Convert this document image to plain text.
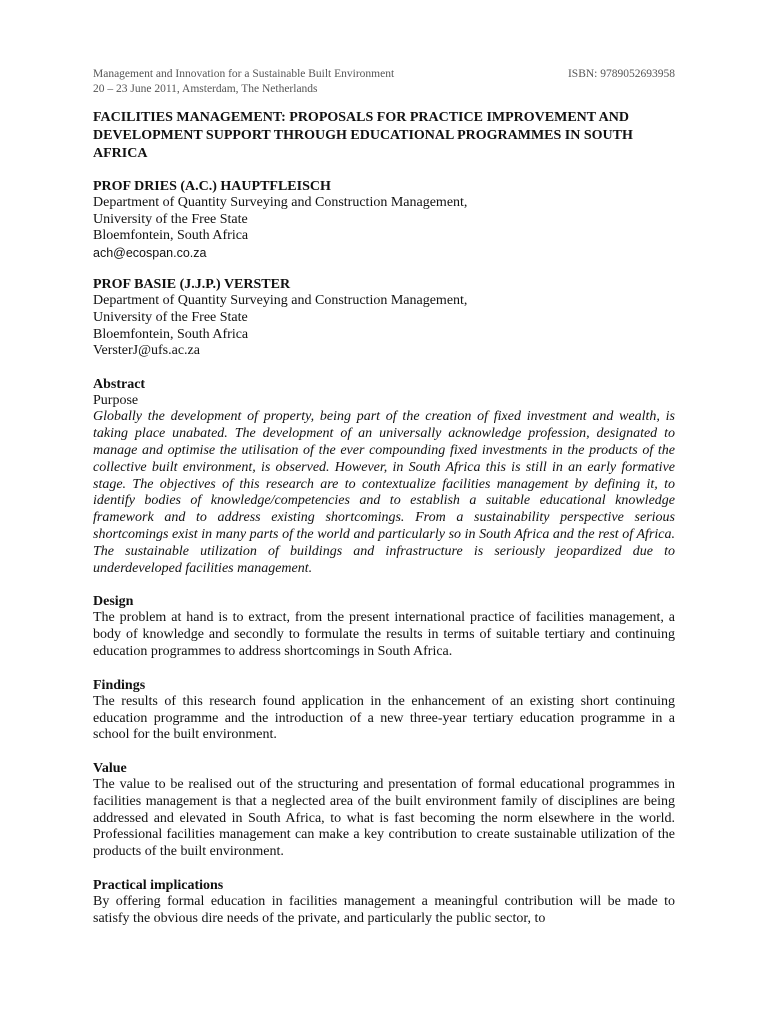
Management and Innovation for a Sustainable Built Environment
20 – 23 June 2011, Amsterdam, The Netherlands
ISBN: 9789052693958
FACILITIES MANAGEMENT: PROPOSALS FOR PRACTICE IMPROVEMENT AND DEVELOPMENT SUPPORT THROUGH EDUCATIONAL PROGRAMMES IN SOUTH AFRICA
PROF DRIES (A.C.) HAUPTFLEISCH
Department of Quantity Surveying and Construction Management,
University of the Free State
Bloemfontein, South Africa
ach@ecospan.co.za
PROF BASIE (J.J.P.) VERSTER
Department of Quantity Surveying and Construction Management,
University of the Free State
Bloemfontein, South Africa
VersterJ@ufs.ac.za
Abstract
Purpose
Globally the development of property, being part of the creation of fixed investment and wealth, is taking place unabated. The development of an universally acknowledge profession, designated to manage and optimise the utilisation of the ever compounding fixed investments in the products of the collective built environment, is observed. However, in South Africa this is still in an early formative stage. The objectives of this research are to contextualize facilities management by defining it, to identify bodies of knowledge/competencies and to establish a suitable educational knowledge framework and to address existing shortcomings. From a sustainability perspective serious shortcomings exist in many parts of the world and particularly so in South Africa and the rest of Africa. The sustainable utilization of buildings and infrastructure is seriously jeopardized due to underdeveloped facilities management.
Design
The problem at hand is to extract, from the present international practice of facilities management, a body of knowledge and secondly to formulate the results in terms of suitable tertiary and continuing education programmes to address shortcomings in South Africa.
Findings
The results of this research found application in the enhancement of an existing short continuing education programme and the introduction of a new three-year tertiary education programme in a school for the built environment.
Value
The value to be realised out of the structuring and presentation of formal educational programmes in facilities management is that a neglected area of the built environment family of disciplines are being addressed and elevated in South Africa, to what is fast becoming the norm elsewhere in the world. Professional facilities management can make a key contribution to create sustainable utilization of the products of the built environment.
Practical implications
By offering formal education in facilities management a meaningful contribution will be made to satisfy the obvious dire needs of the private, and particularly the public sector, to
